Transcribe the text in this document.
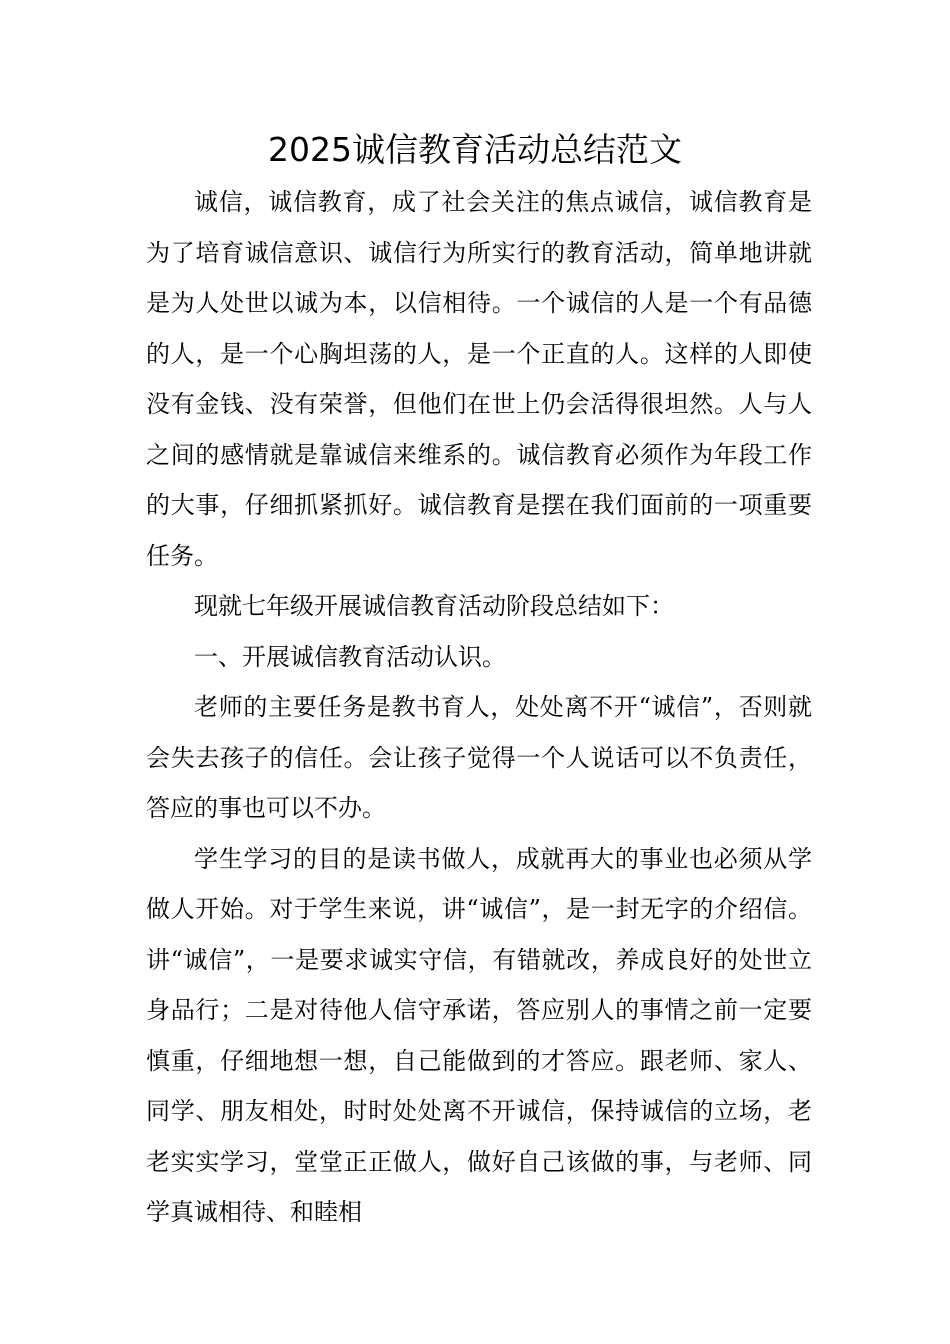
2025诚信教育活动总结范文

诚信，诚信教育，成了社会关注的焦点诚信，诚信教育是为了培育诚信意识、诚信行为所实行的教育活动，简单地讲就是为人处世以诚为本，以信相待。一个诚信的人是一个有品德的人，是一个心胸坦荡的人，是一个正直的人。这样的人即使没有金钱、没有荣誉，但他们在世上仍会活得很坦然。人与人之间的感情就是靠诚信来维系的。诚信教育必须作为年段工作的大事，仔细抓紧抓好。诚信教育是摆在我们面前的一项重要任务。

现就七年级开展诚信教育活动阶段总结如下：

一、开展诚信教育活动认识。

老师的主要任务是教书育人，处处离不开“诚信”，否则就会失去孩子的信任。会让孩子觉得一个人说话可以不负责任，答应的事也可以不办。

学生学习的目的是读书做人，成就再大的事业也必须从学做人开始。对于学生来说，讲“诚信”，是一封无字的介绍信。讲“诚信”，一是要求诚实守信，有错就改，养成良好的处世立身品行；二是对待他人信守承诺，答应别人的事情之前一定要慎重，仔细地想一想，自己能做到的才答应。跟老师、家人、同学、朋友相处，时时处处离不开诚信，保持诚信的立场，老老实实学习，堂堂正正做人，做好自己该做的事，与老师、同学真诚相待、和睦相
